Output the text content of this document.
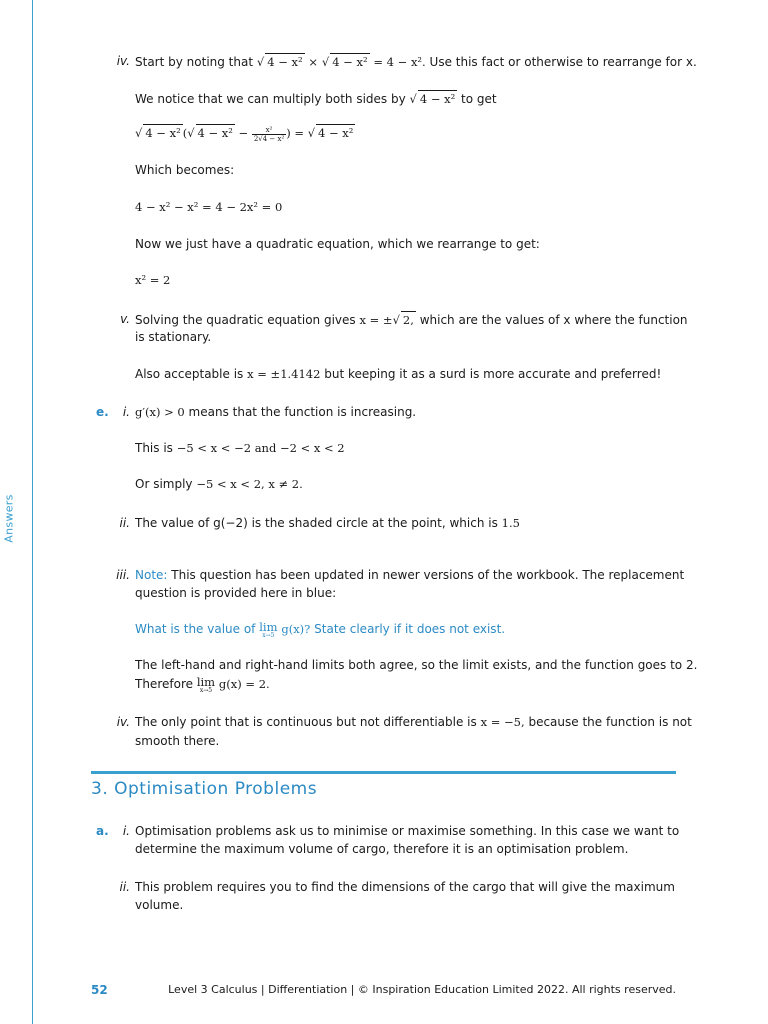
Answers
iv. Start by noting that √ 4 − x² × √ 4 − x² = 4 − x². Use this fact or otherwise to rearrange for x.
We notice that we can multiply both sides by √ 4 − x² to get
√ 4 − x² (√ $4 - x^2 - \frac{\text{x²}}{\text{2√4 − x²}}$ ) = √ 4 − x²
Which becomes:
4 − x² − x² = 4 − 2x² = 0
Now we just have a quadratic equation, which we rearrange to get:
x² = 2
v. Solving the quadratic equation gives x = ±√ 2, which are the values of x where the function
is stationary.
Also acceptable is x = ±1.4142 but keeping it as a surd is more accurate and preferred!
e.	i. g′(x) > 0 means that the function is increasing.
This is −5 < x < −2 and −2 < x < 2
Or simply −5 < x < 2, x ≠ 2.
ii. The value of g(−2) is the shaded circle at the point, which is 1.5
iii. Note: This question has been updated in newer versions of the workbook. The replacement
question is provided here in blue:
What is the value of lim
x→5 g(x)? State clearly if it does not exist.
The left-hand and right-hand limits both agree, so the limit exists, and the function goes to 2.
Therefore lim
x→5 g(x) = 2.
iv. The only point that is continuous but not differentiable is x = −5, because the function is not
smooth there.
3. Optimisation Problems
a.	i. Optimisation problems ask us to minimise or maximise something. In this case we want to
determine the maximum volume of cargo, therefore it is an optimisation problem.
ii. This problem requires you to find the dimensions of the cargo that will give the maximum
volume.
52	Level 3 Calculus | Differentiation | © Inspiration Education Limited 2022. All rights reserved.
